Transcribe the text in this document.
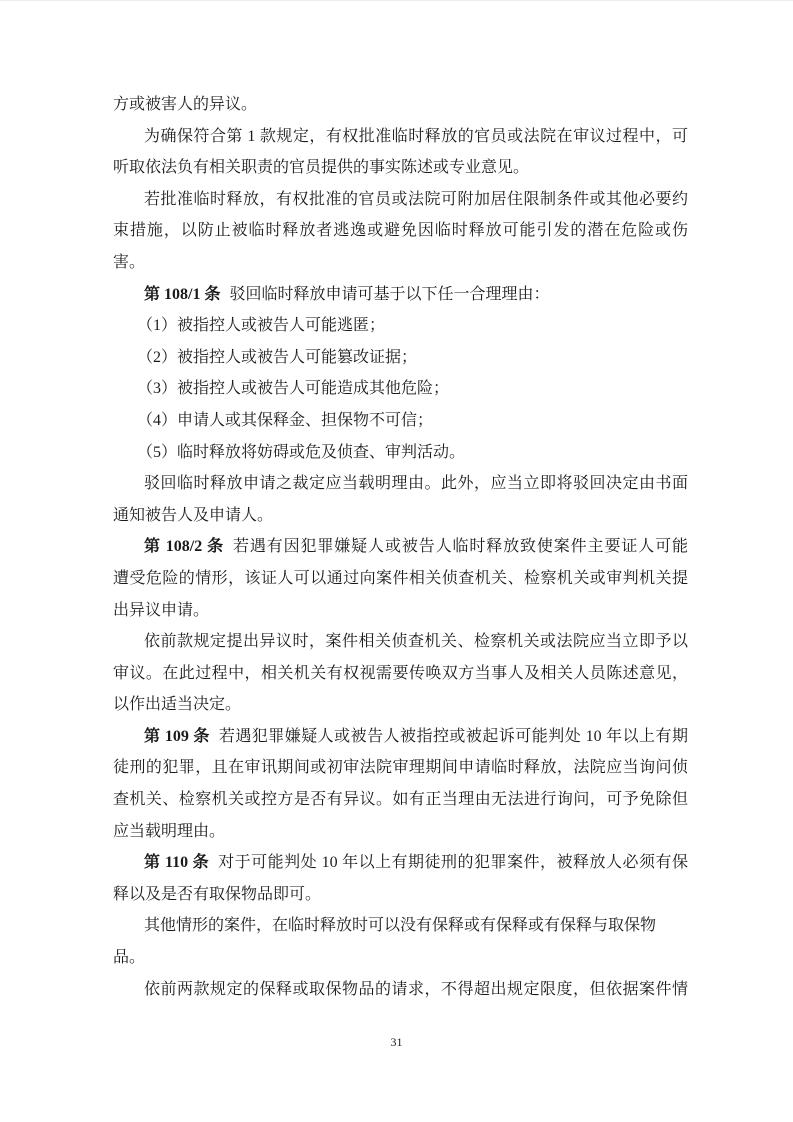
方或被害人的异议。
为确保符合第 1 款规定，有权批准临时释放的官员或法院在审议过程中，可
听取依法负有相关职责的官员提供的事实陈述或专业意见。
若批准临时释放，有权批准的官员或法院可附加居住限制条件或其他必要约
束措施，以防止被临时释放者逃逸或避免因临时释放可能引发的潜在危险或伤
害。
第 108/1 条 驳回临时释放申请可基于以下任一合理理由：
（1）被指控人或被告人可能逃匿；
（2）被指控人或被告人可能篡改证据；
（3）被指控人或被告人可能造成其他危险；
（4）申请人或其保释金、担保物不可信；
（5）临时释放将妨碍或危及侦查、审判活动。
驳回临时释放申请之裁定应当载明理由。此外，应当立即将驳回决定由书面
通知被告人及申请人。
第 108/2 条 若遇有因犯罪嫌疑人或被告人临时释放致使案件主要证人可能
遭受危险的情形，该证人可以通过向案件相关侦查机关、检察机关或审判机关提
出异议申请。
依前款规定提出异议时，案件相关侦查机关、检察机关或法院应当立即予以
审议。在此过程中，相关机关有权视需要传唤双方当事人及相关人员陈述意见，
以作出适当决定。
第 109 条 若遇犯罪嫌疑人或被告人被指控或被起诉可能判处 10 年以上有期
徒刑的犯罪，且在审讯期间或初审法院审理期间申请临时释放，法院应当询问侦
查机关、检察机关或控方是否有异议。如有正当理由无法进行询问，可予免除但
应当载明理由。
第 110 条 对于可能判处 10 年以上有期徒刑的犯罪案件，被释放人必须有保
释以及是否有取保物品即可。
其他情形的案件，在临时释放时可以没有保释或有保释或有保释与取保物
品。
依前两款规定的保释或取保物品的请求，不得超出规定限度，但依据案件情
31
